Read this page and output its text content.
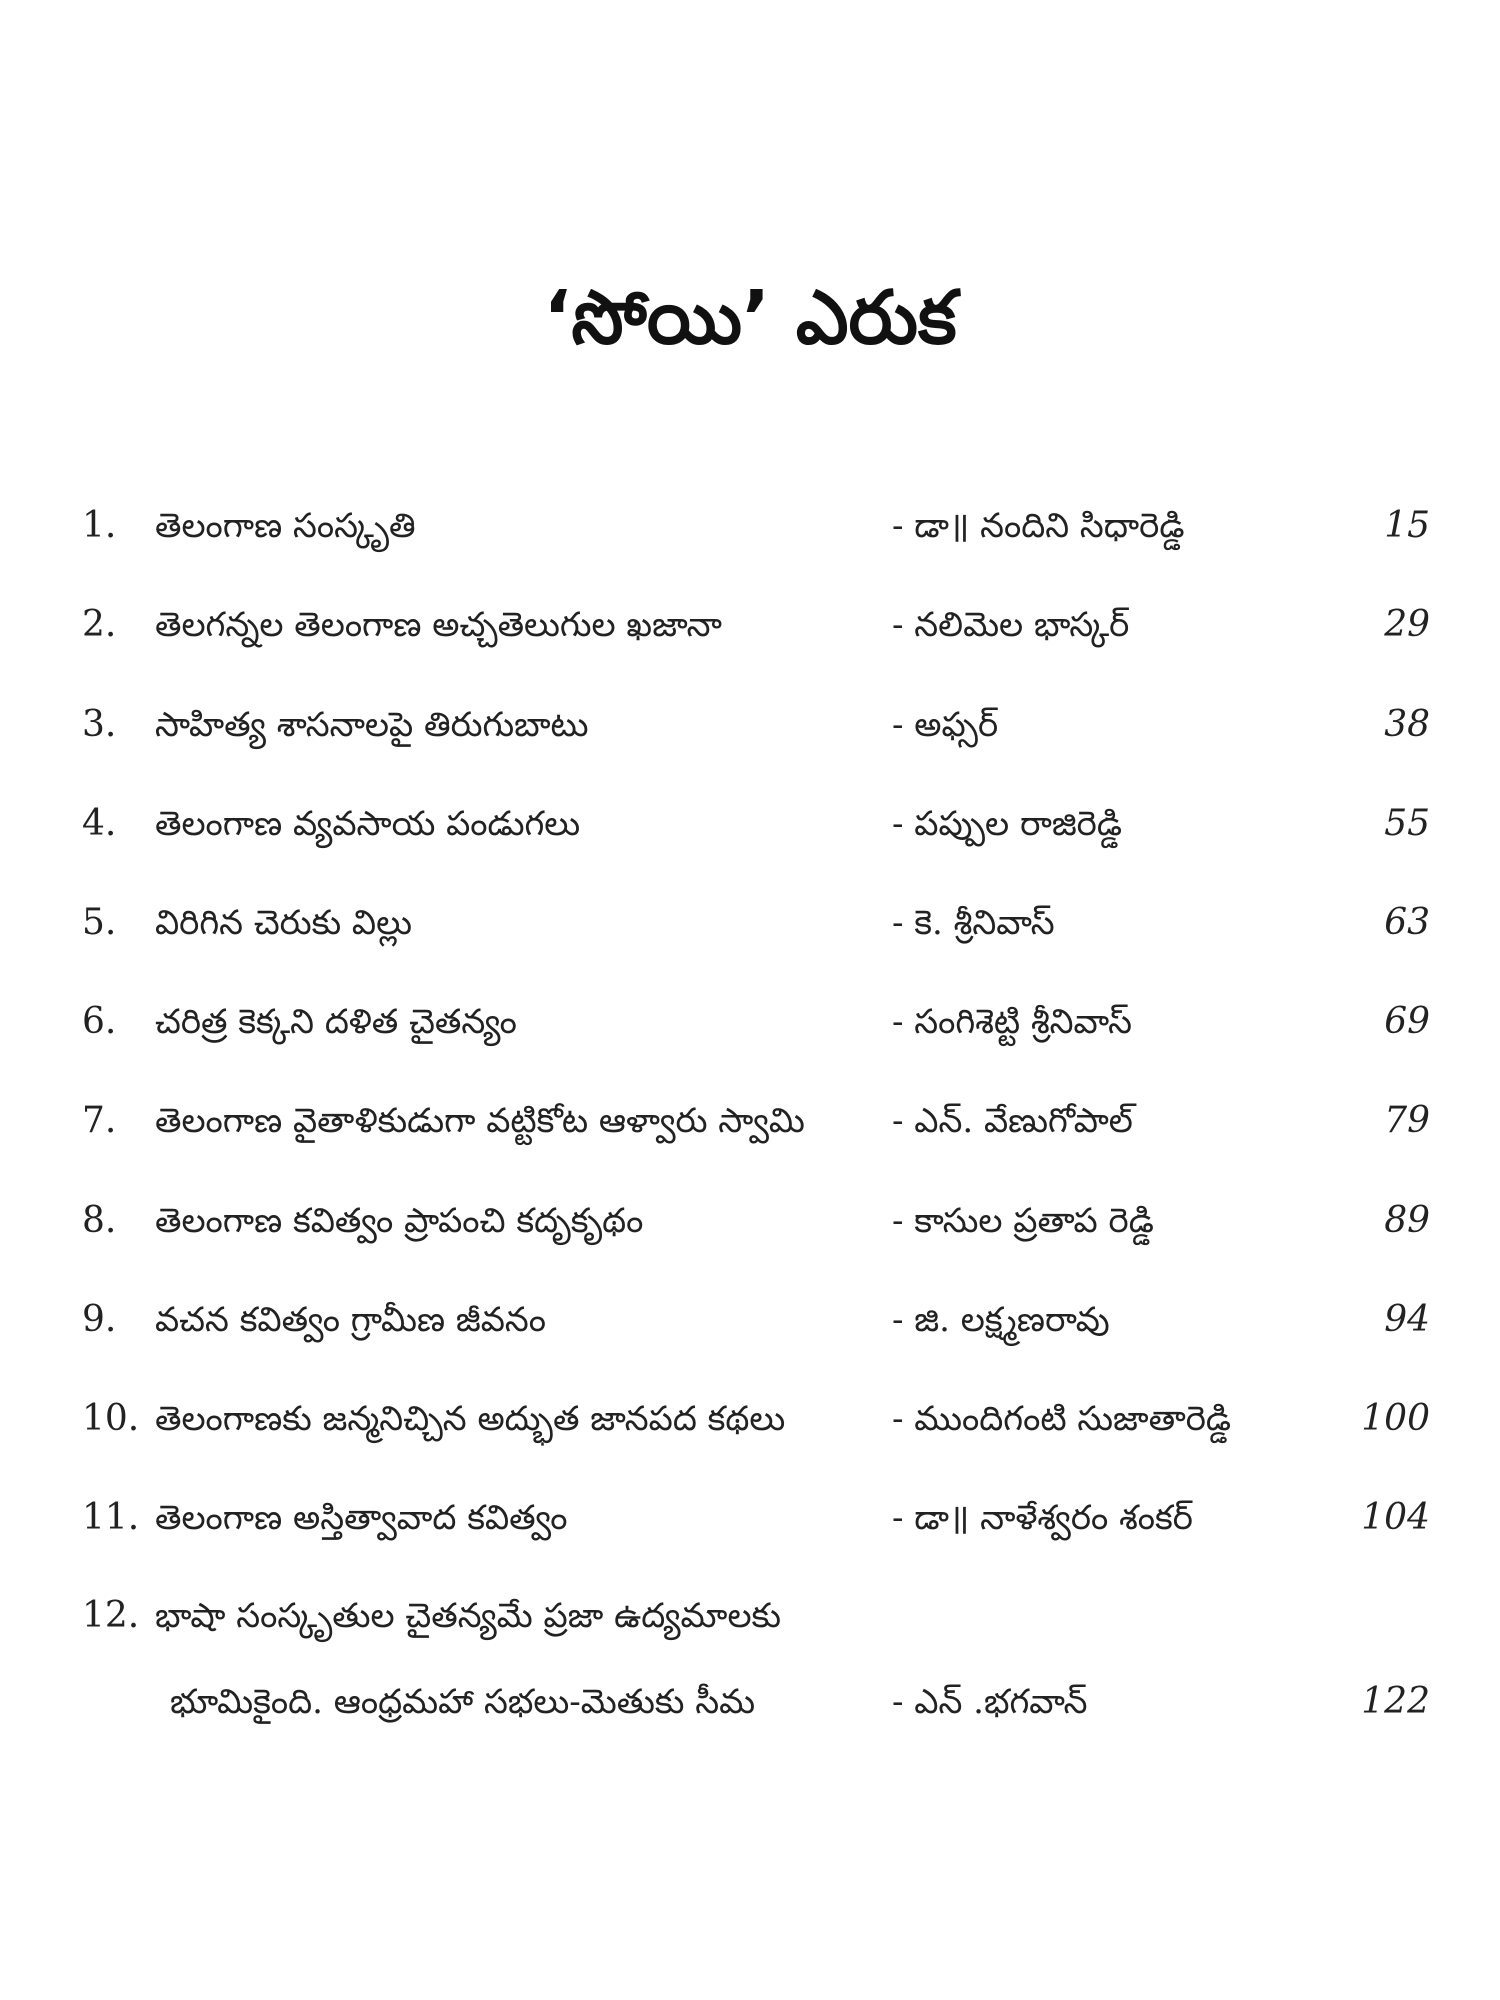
‘సోయి’ ఎరుక
1.	తెలంగాణ సంస్కృతి	- డా॥ నందిని సిధారెడ్డి	15
2.	తెలగన్నల తెలంగాణ అచ్చతెలుగుల ఖజానా	- నలిమెల భాస్కర్	29
3.	సాహిత్య శాసనాలపై తిరుగుబాటు	- అఫ్సర్	38
4.	తెలంగాణ వ్యవసాయ పండుగలు	- పప్పుల రాజిరెడ్డి	55
5.	విరిగిన చెరుకు విల్లు	- కె. శ్రీనివాస్	63
6.	చరిత్ర కెక్కని దళిత చైతన్యం	- సంగిశెట్టి శ్రీనివాస్	69
7.	తెలంగాణ వైతాళికుడుగా వట్టికోట ఆళ్వారు స్వామి	- ఎన్. వేణుగోపాల్	79
8.	తెలంగాణ కవిత్వం ప్రాపంచి కదృకృథం	- కాసుల ప్రతాప రెడ్డి	89
9.	వచన కవిత్వం గ్రామీణ జీవనం	- జి. లక్ష్మణరావు	94
10. తెలంగాణకు జన్మనిచ్చిన అద్భుత జానపద కథలు	- ముందిగంటి సుజాతారెడ్డి	100
11. తెలంగాణ అస్తిత్వావాద కవిత్వం	- డా॥ నాళేశ్వరం శంకర్	104
12. భాషా సంస్కృతుల చైతన్యమే ప్రజా ఉద్యమాలకు
భూమికైంది. ఆంధ్రమహా సభలు-మెతుకు సీమ	- ఎన్ .భగవాన్	122
